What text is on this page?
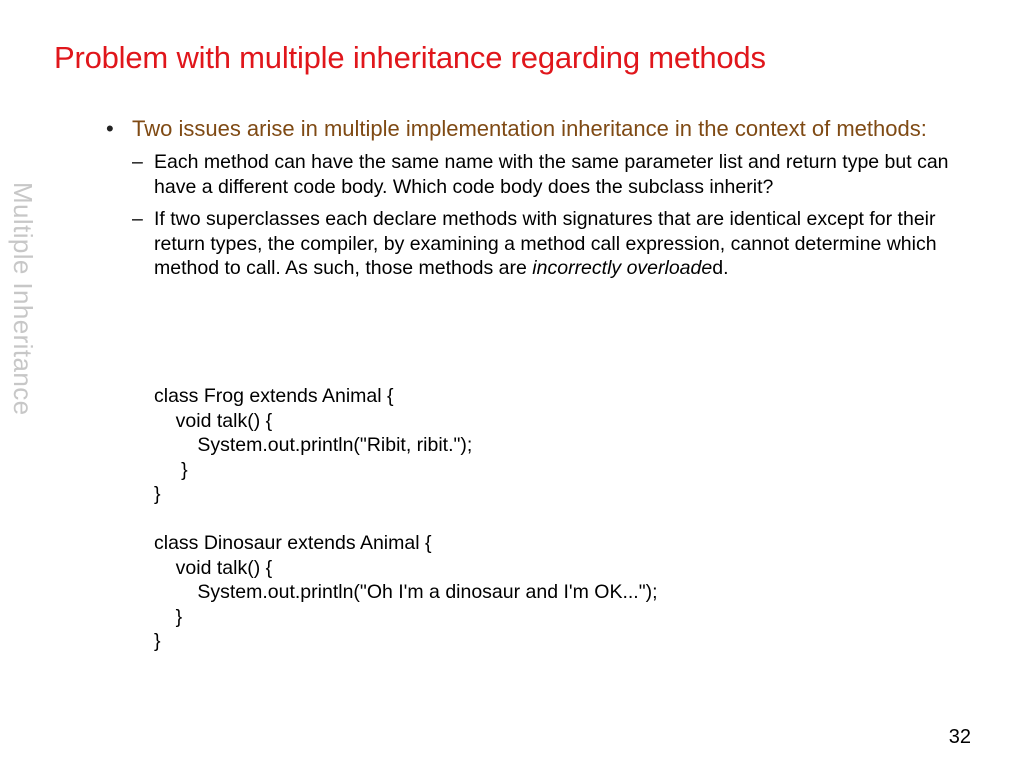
Problem with multiple inheritance regarding methods
Multiple Inheritance
• Two issues arise in multiple implementation inheritance in the context of methods:
– Each method can have the same name with the same parameter list and return type but can have a different code body. Which code body does the subclass inherit?
– If two superclasses each declare methods with signatures that are identical except for their return types, the compiler, by examining a method call expression, cannot determine which method to call. As such, those methods are incorrectly overloaded.
class Frog extends Animal {
void talk() {
System.out.println("Ribit, ribit.");
}
}
class Dinosaur extends Animal {
void talk() {
System.out.println("Oh I'm a dinosaur and I'm OK...");
}
}
32
